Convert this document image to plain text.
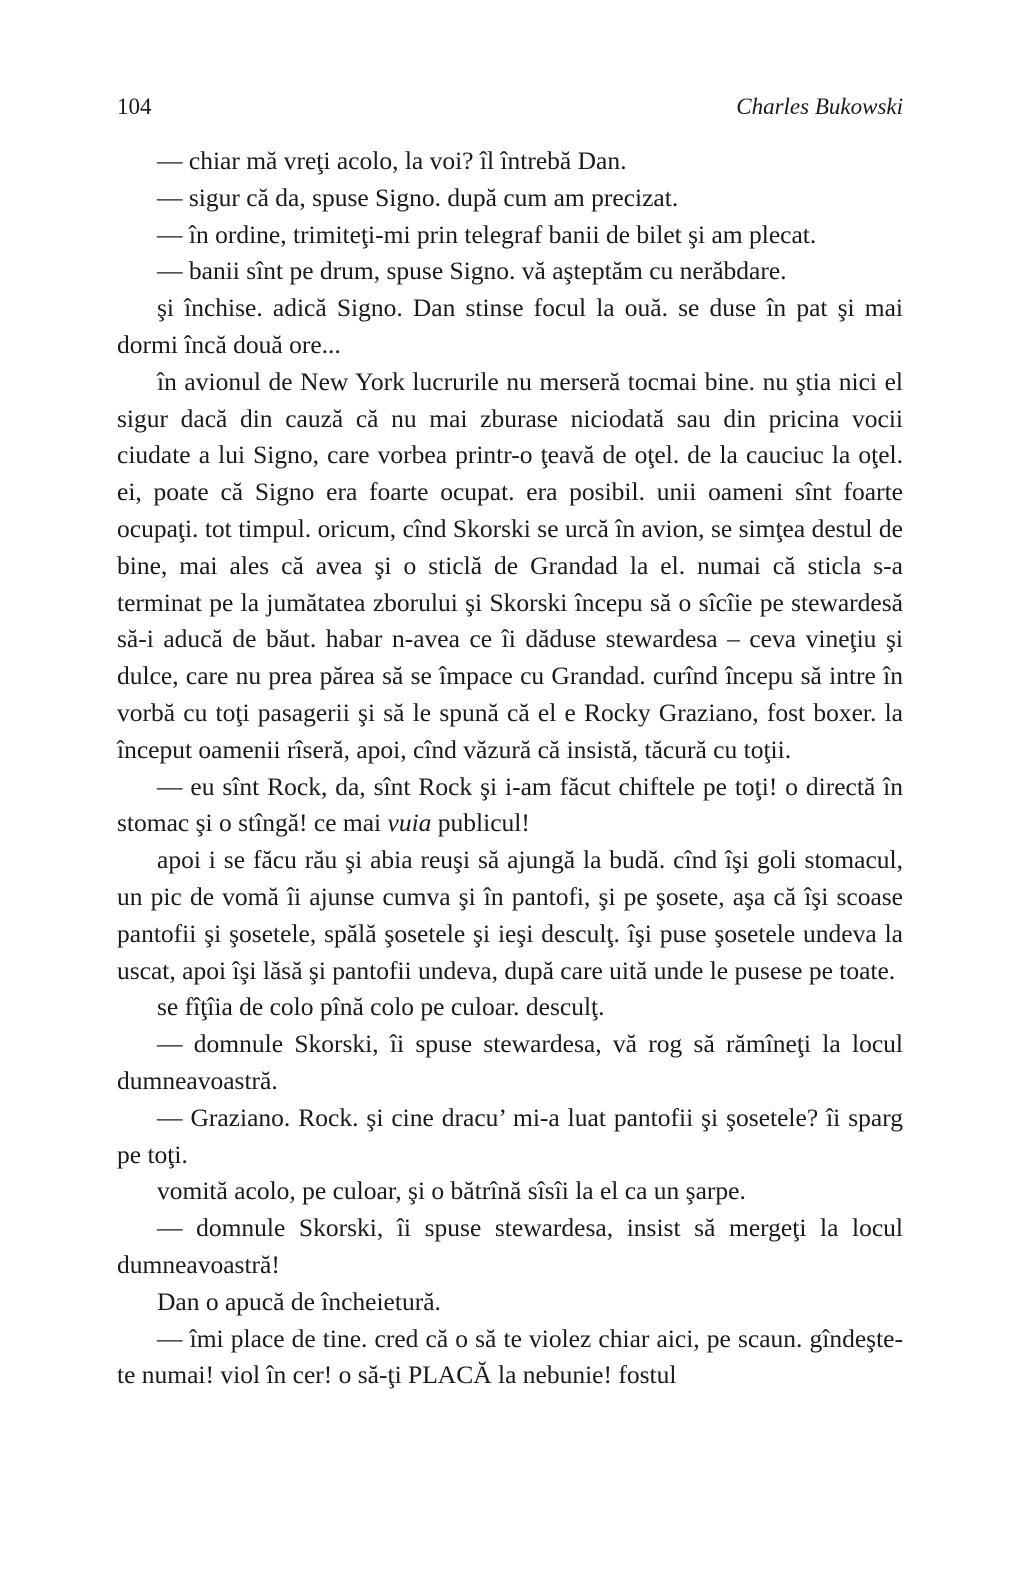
104	Charles Bukowski

— chiar mă vreţi acolo, la voi? îl întrebă Dan.

— sigur că da, spuse Signo. după cum am precizat.

— în ordine, trimiteţi-mi prin telegraf banii de bilet şi am plecat.

— banii sînt pe drum, spuse Signo. vă aşteptăm cu nerăbdare.

şi închise. adică Signo. Dan stinse focul la ouă. se duse în pat şi mai dormi încă două ore...

în avionul de New York lucrurile nu merseră tocmai bine. nu ştia nici el sigur dacă din cauză că nu mai zburase niciodată sau din pricina vocii ciudate a lui Signo, care vorbea printr-o ţeavă de oţel. de la cauciuc la oţel. ei, poate că Signo era foarte ocupat. era posibil. unii oameni sînt foarte ocupaţi. tot timpul. oricum, cînd Skorski se urcă în avion, se simţea destul de bine, mai ales că avea şi o sticlă de Grandad la el. numai că sticla s-a terminat pe la jumătatea zborului şi Skorski începu să o sîcîie pe stewardesă să-i aducă de băut. habar n-avea ce îi dăduse stewardesa – ceva vineţiu şi dulce, care nu prea părea să se împace cu Grandad. curînd începu să intre în vorbă cu toţi pasagerii şi să le spună că el e Rocky Graziano, fost boxer. la început oamenii rîseră, apoi, cînd văzură că insistă, tăcură cu toţii.

— eu sînt Rock, da, sînt Rock şi i-am făcut chiftele pe toţi! o directă în stomac şi o stîngă! ce mai vuia publicul!

apoi i se făcu rău şi abia reuşi să ajungă la budă. cînd îşi goli stomacul, un pic de vomă îi ajunse cumva şi în pantofi, şi pe şosete, aşa că îşi scoase pantofii şi şosetele, spălă şosetele şi ieşi desculţ. îşi puse şosetele undeva la uscat, apoi îşi lăsă şi pantofii undeva, după care uită unde le pusese pe toate.

se fîţîia de colo pînă colo pe culoar. desculţ.

— domnule Skorski, îi spuse stewardesa, vă rog să rămîneţi la locul dumneavoastră.

— Graziano. Rock. şi cine dracu’ mi-a luat pantofii şi şosetele? îi sparg pe toţi.

vomită acolo, pe culoar, şi o bătrînă sîsîi la el ca un şarpe.

— domnule Skorski, îi spuse stewardesa, insist să mergeţi la locul dumneavoastră!

Dan o apucă de încheietură.

— îmi place de tine. cred că o să te violez chiar aici, pe scaun. gîndeşte-te numai! viol în cer! o să-ţi PLACĂ la nebunie! fostul
